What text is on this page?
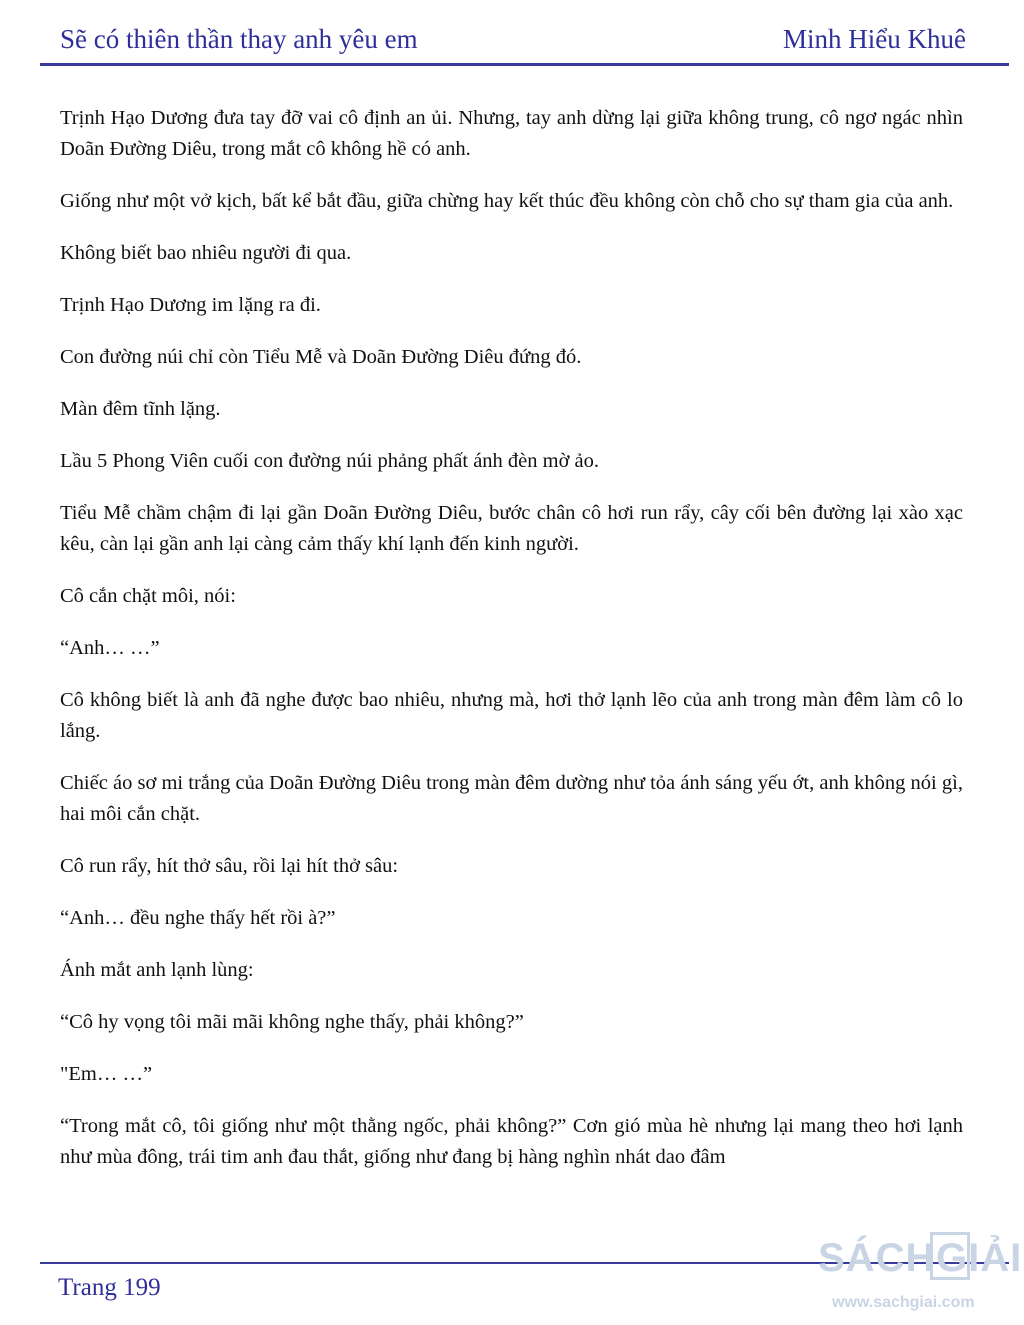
Sẽ có thiên thần thay anh yêu em	Minh Hiểu Khuê

Trịnh Hạo Dương đưa tay đỡ vai cô định an ủi. Nhưng, tay anh dừng lại giữa không trung, cô ngơ ngác nhìn Doãn Đường Diêu, trong mắt cô không hề có anh.

Giống như một vở kịch, bất kể bắt đầu, giữa chừng hay kết thúc đều không còn chỗ cho sự tham gia của anh.

Không biết bao nhiêu người đi qua.

Trịnh Hạo Dương im lặng ra đi.

Con đường núi chỉ còn Tiểu Mễ và Doãn Đường Diêu đứng đó.

Màn đêm tĩnh lặng.

Lầu 5 Phong Viên cuối con đường núi phảng phất ánh đèn mờ ảo.

Tiểu Mễ chầm chậm đi lại gần Doãn Đường Diêu, bước chân cô hơi run rẩy, cây cối bên đường lại xào xạc kêu, càn lại gần anh lại càng cảm thấy khí lạnh đến kinh người.

Cô cắn chặt môi, nói:

“Anh… …”

Cô không biết là anh đã nghe được bao nhiêu, nhưng mà, hơi thở lạnh lẽo của anh trong màn đêm làm cô lo lắng.

Chiếc áo sơ mi trắng của Doãn Đường Diêu trong màn đêm dường như tỏa ánh sáng yếu ớt, anh không nói gì, hai môi cắn chặt.

Cô run rẩy, hít thở sâu, rồi lại hít thở sâu:

“Anh… đều nghe thấy hết rồi à?”

Ánh mắt anh lạnh lùng:

“Cô hy vọng tôi mãi mãi không nghe thấy, phải không?”

"Em… …”

“Trong mắt cô, tôi giống như một thằng ngốc, phải không?” Cơn gió mùa hè nhưng lại mang theo hơi lạnh như mùa đông, trái tim anh đau thắt, giống như đang bị hàng nghìn nhát dao đâm

Trang 199
SÁCH GIẢI
www.sachgiai.com
